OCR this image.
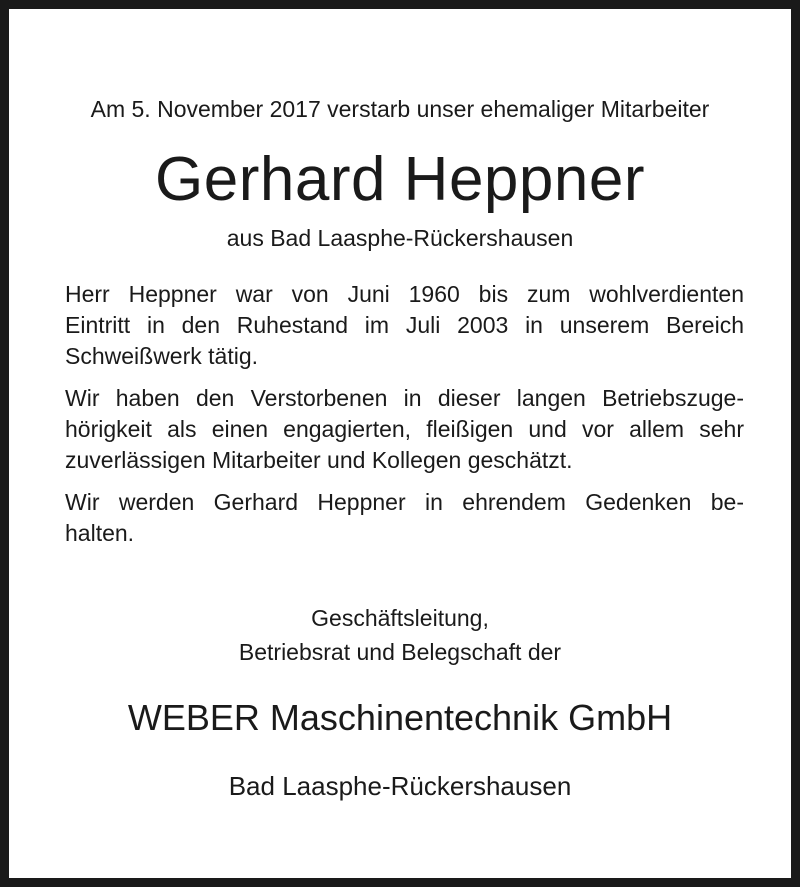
Am 5. November 2017 verstarb unser ehemaliger Mitarbeiter
Gerhard Heppner
aus Bad Laasphe-Rückershausen

Herr Heppner war von Juni 1960 bis zum wohlverdienten
Eintritt in den Ruhestand im Juli 2003 in unserem Bereich
Schweißwerk tätig.

Wir haben den Verstorbenen in dieser langen Betriebszuge-
hörigkeit als einen engagierten, fleißigen und vor allem sehr
zuverlässigen Mitarbeiter und Kollegen geschätzt.

Wir werden Gerhard Heppner in ehrendem Gedenken be-
halten.

Geschäftsleitung,
Betriebsrat und Belegschaft der
WEBER Maschinentechnik GmbH
Bad Laasphe-Rückershausen
